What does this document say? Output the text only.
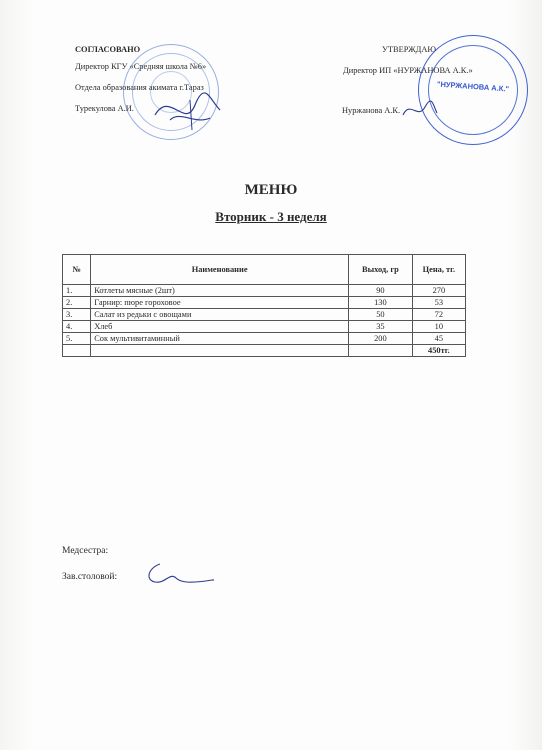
СОГЛАСОВАНО
Директор КГУ «Средняя школа №6»
Отдела образования акимата г.Тараз
Турекулова А.И.
УТВЕРЖДАЮ
Директор ИП «НУРЖАНОВА А.К.»
Нуржанова А.К.
"НУРЖАНОВА А.К."
МЕНЮ
Вторник - 3 неделя
№	Наименование	Выход, гр	Цена, тг.
1.	Котлеты мясные (2шт)	90	270
2.	Гарнир: пюре гороховое	130	53
3.	Салат из редьки с овощами	50	72
4.	Хлеб	35	10
5.	Сок мультивитаминный	200	45
			450тг.
Медсестра:
Зав.столовой:
